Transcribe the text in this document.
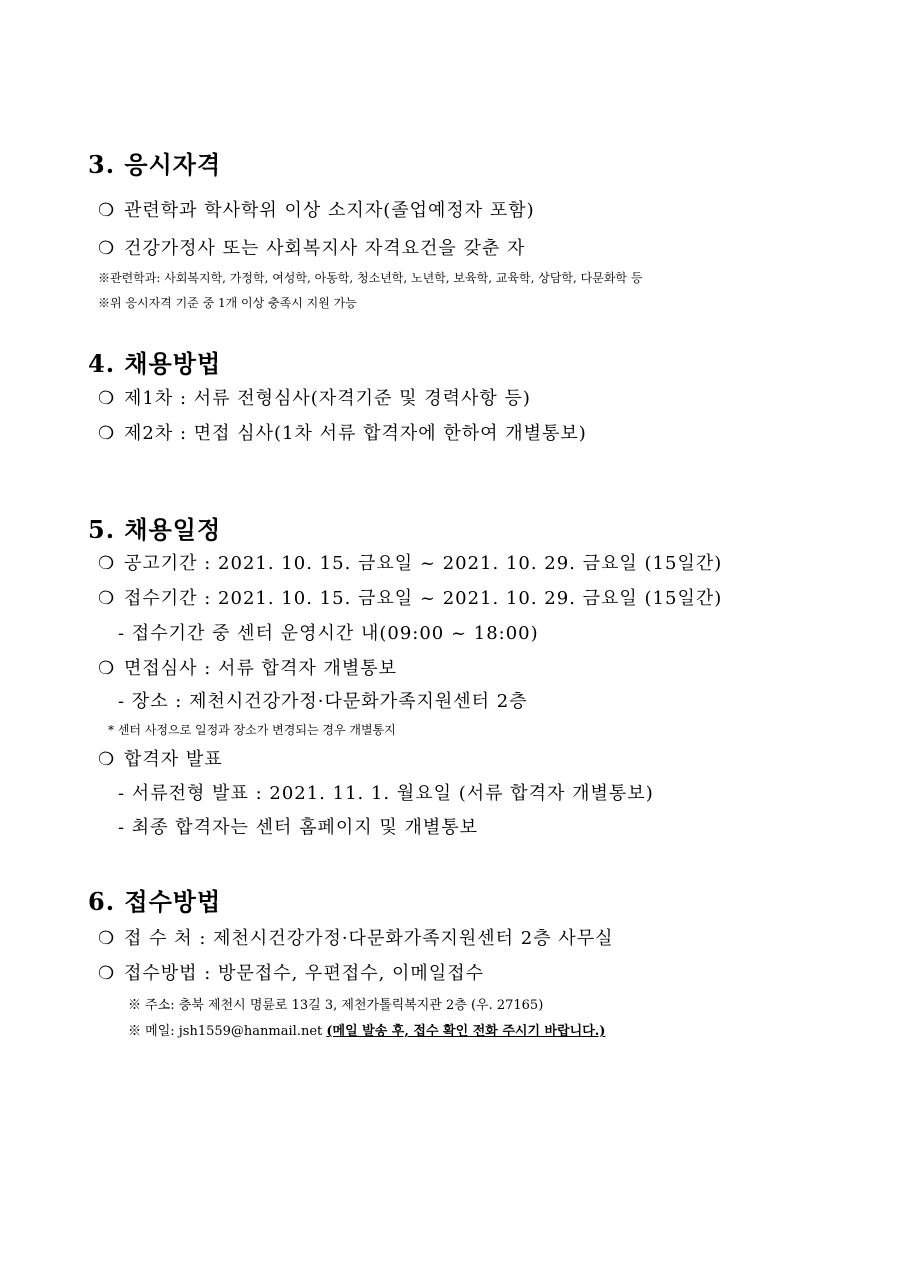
3. 응시자격
❍ 관련학과 학사학위 이상 소지자(졸업예정자 포함)
❍ 건강가정사 또는 사회복지사 자격요건을 갖춘 자
※관련학과: 사회복지학, 가정학, 여성학, 아동학, 청소년학, 노년학, 보육학, 교육학, 상담학, 다문화학 등
※위 응시자격 기준 중 1개 이상 충족시 지원 가능
4. 채용방법
❍ 제1차 : 서류 전형심사(자격기준 및 경력사항 등)
❍ 제2차 : 면접 심사(1차 서류 합격자에 한하여 개별통보)
5. 채용일정
❍ 공고기간 : 2021. 10. 15. 금요일 ~ 2021. 10. 29. 금요일 (15일간)
❍ 접수기간 : 2021. 10. 15. 금요일 ~ 2021. 10. 29. 금요일 (15일간)
- 접수기간 중 센터 운영시간 내(09:00 ~ 18:00)
❍ 면접심사 : 서류 합격자 개별통보
- 장소 : 제천시건강가정·다문화가족지원센터 2층
* 센터 사정으로 일정과 장소가 변경되는 경우 개별통지
❍ 합격자 발표
- 서류전형 발표 : 2021. 11. 1. 월요일 (서류 합격자 개별통보)
- 최종 합격자는 센터 홈페이지 및 개별통보
6. 접수방법
❍ 접 수 처 : 제천시건강가정·다문화가족지원센터 2층 사무실
❍ 접수방법 : 방문접수, 우편접수, 이메일접수
※ 주소: 충북 제천시 명륜로 13길 3, 제천가톨릭복지관 2층 (우. 27165)
※ 메일: jsh1559@hanmail.net (메일 발송 후, 접수 확인 전화 주시기 바랍니다.)
